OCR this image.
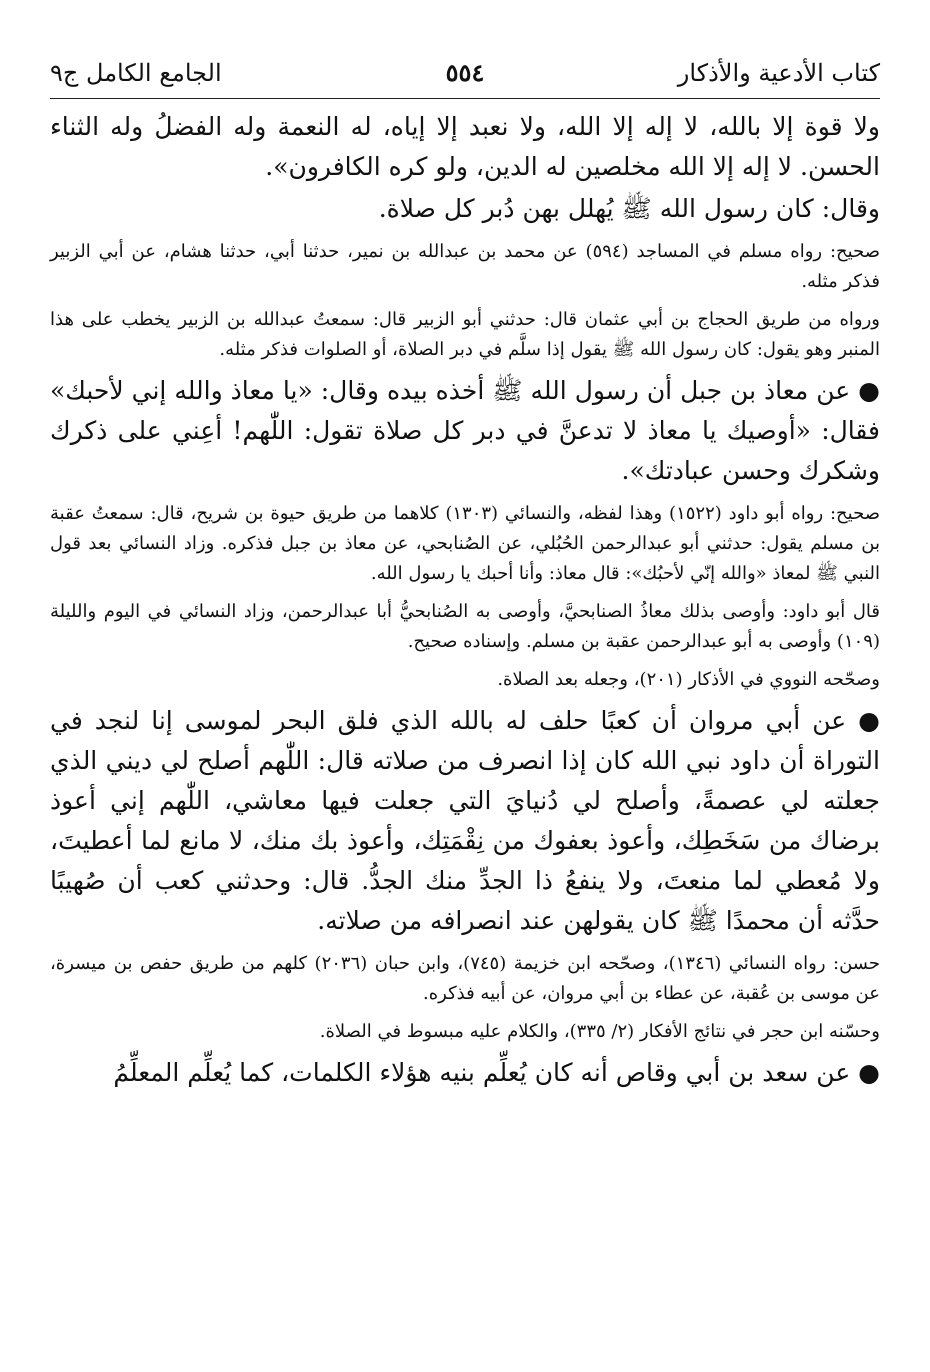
كتاب الأدعية والأذكار
٥٥٤
الجامع الكامل ج٩

ولا قوة إلا بالله، لا إله إلا الله، ولا نعبد إلا إياه، له النعمة وله الفضلُ وله الثناء الحسن. لا إله إلا الله مخلصين له الدين، ولو كره الكافرون».

وقال: كان رسول الله ﷺ يُهلل بهن دُبر كل صلاة.

صحيح: رواه مسلم في المساجد (٥٩٤) عن محمد بن عبدالله بن نمير، حدثنا أبي، حدثنا هشام، عن أبي الزبير فذكر مثله.

ورواه من طريق الحجاج بن أبي عثمان قال: حدثني أبو الزبير قال: سمعتُ عبدالله بن الزبير يخطب على هذا المنبر وهو يقول: كان رسول الله ﷺ يقول إذا سلَّم في دبر الصلاة، أو الصلوات فذكر مثله.

● عن معاذ بن جبل أن رسول الله ﷺ أخذه بيده وقال: «يا معاذ والله إني لأحبك» فقال: «أوصيك يا معاذ لا تدعنَّ في دبر كل صلاة تقول: اللّٰهم! أعِني على ذكرك وشكرك وحسن عبادتك».

صحيح: رواه أبو داود (١٥٢٢) وهذا لفظه، والنسائي (١٣٠٣) كلاهما من طريق حيوة بن شريح، قال: سمعتُ عقبة بن مسلم يقول: حدثني أبو عبدالرحمن الحُبُلي، عن الصُنابحي، عن معاذ بن جبل فذكره. وزاد النسائي بعد قول النبي ﷺ لمعاذ «والله إنّي لأحبُك»: قال معاذ: وأنا أحبك يا رسول الله.

قال أبو داود: وأوصى بذلك معاذُ الصنابحيَّ، وأوصى به الصُنابحيُّ أبا عبدالرحمن، وزاد النسائي في اليوم والليلة (١٠٩) وأوصى به أبو عبدالرحمن عقبة بن مسلم. وإسناده صحيح.

وصحّحه النووي في الأذكار (٢٠١)، وجعله بعد الصلاة.

● عن أبي مروان أن كعبًا حلف له بالله الذي فلق البحر لموسى إنا لنجد في التوراة أن داود نبي الله كان إذا انصرف من صلاته قال: اللّٰهم أصلح لي ديني الذي جعلته لي عصمةً، وأصلح لي دُنيايَ التي جعلت فيها معاشي، اللّٰهم إني أعوذ برضاك من سَخَطِك، وأعوذ بعفوك من نِقْمَتِك، وأعوذ بك منك، لا مانع لما أعطيتَ، ولا مُعطي لما منعتَ، ولا ينفعُ ذا الجدِّ منك الجدُّ. قال: وحدثني كعب أن صُهيبًا حدَّثه أن محمدًا ﷺ كان يقولهن عند انصرافه من صلاته.

حسن: رواه النسائي (١٣٤٦)، وصحّحه ابن خزيمة (٧٤٥)، وابن حبان (٢٠٣٦) كلهم من طريق حفص بن ميسرة، عن موسى بن عُقبة، عن عطاء بن أبي مروان، عن أبيه فذكره.

وحسّنه ابن حجر في نتائج الأفكار (٢/ ٣٣٥)، والكلام عليه مبسوط في الصلاة.

● عن سعد بن أبي وقاص أنه كان يُعلِّم بنيه هؤلاء الكلمات، كما يُعلِّم المعلِّمُ
